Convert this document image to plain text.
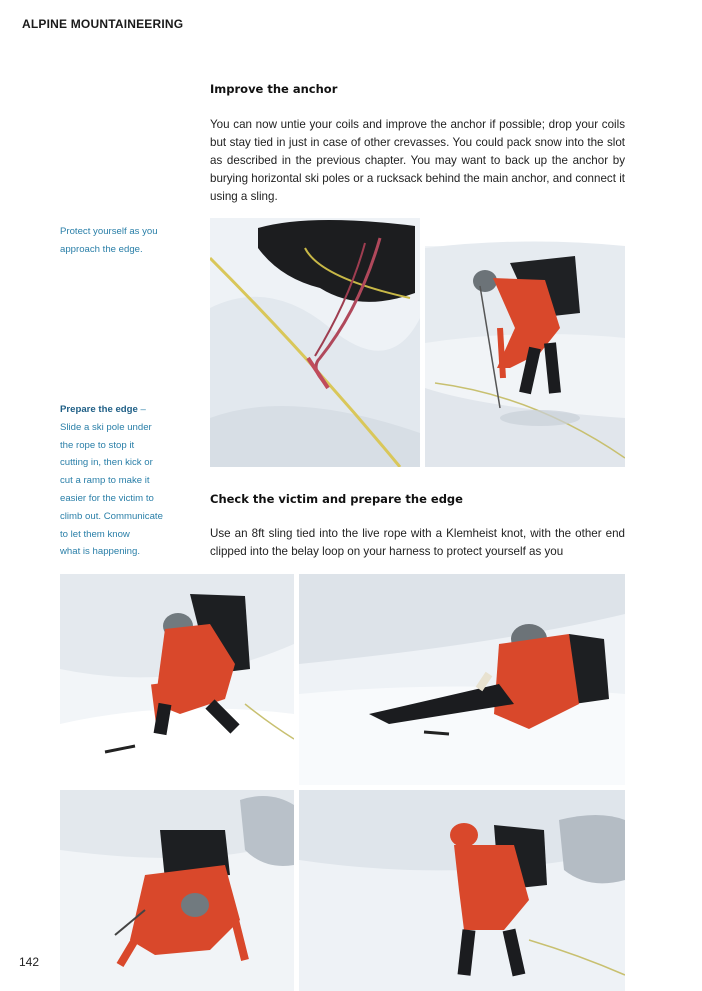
ALPINE MOUNTAINEERING
Improve the anchor
You can now untie your coils and improve the anchor if possible; drop your coils but stay tied in just in case of other crevasses. You could pack snow into the slot as described in the previous chapter. You may want to back up the anchor by burying horizontal ski poles or a rucksack behind the main anchor, and connect it using a sling.
Protect yourself as you
approach the edge.
Prepare the edge –
Slide a ski pole under
the rope to stop it
cutting in, then kick or
cut a ramp to make it
easier for the victim to
climb out. Communicate
to let them know
what is happening.
Check the victim and prepare the edge
Use an 8ft sling tied into the live rope with a Klemheist knot, with the other end clipped into the belay loop on your harness to protect yourself as you
142
